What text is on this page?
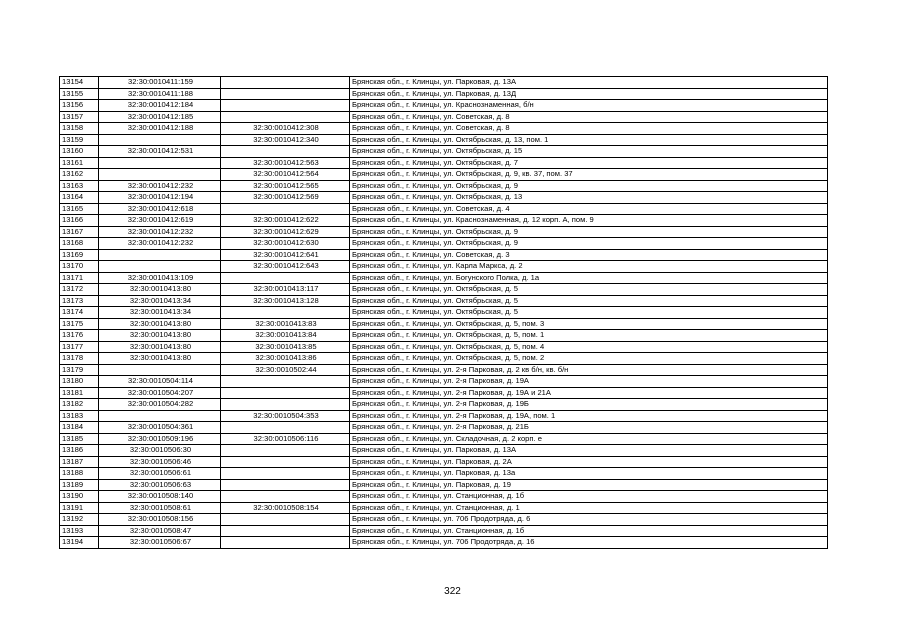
13154	32:30:0010411:159		Брянская обл., г. Клинцы, ул. Парковая, д. 13А
13155	32:30:0010411:188		Брянская обл., г. Клинцы, ул. Парковая, д. 13Д
13156	32:30:0010412:184		Брянская обл., г. Клинцы, ул. Краснознаменная, б/н
13157	32:30:0010412:185		Брянская обл., г. Клинцы, ул. Советская, д. 8
13158	32:30:0010412:188	32:30:0010412:308	Брянская обл., г. Клинцы, ул. Советская, д. 8
13159		32:30:0010412:340	Брянская обл., г. Клинцы, ул. Октябрьская, д. 13, пом. 1
13160	32:30:0010412:531		Брянская обл., г. Клинцы, ул. Октябрьская, д. 15
13161		32:30:0010412:563	Брянская обл., г. Клинцы, ул. Октябрьская, д. 7
13162		32:30:0010412:564	Брянская обл., г. Клинцы, ул. Октябрьская, д. 9, кв. 37, пом. 37
13163	32:30:0010412:232	32:30:0010412:565	Брянская обл., г. Клинцы, ул. Октябрьская, д. 9
13164	32:30:0010412:194	32:30:0010412:569	Брянская обл., г. Клинцы, ул. Октябрьская, д. 13
13165	32:30:0010412:618		Брянская обл., г. Клинцы, ул. Советская, д. 4
13166	32:30:0010412:619	32:30:0010412:622	Брянская обл., г. Клинцы, ул. Краснознаменная, д. 12 корп. А, пом. 9
13167	32:30:0010412:232	32:30:0010412:629	Брянская обл., г. Клинцы, ул. Октябрьская, д. 9
13168	32:30:0010412:232	32:30:0010412:630	Брянская обл., г. Клинцы, ул. Октябрьская, д. 9
13169		32:30:0010412:641	Брянская обл., г. Клинцы, ул. Советская, д. 3
13170		32:30:0010412:643	Брянская обл., г. Клинцы, ул. Карла Маркса, д. 2
13171	32:30:0010413:109		Брянская обл., г. Клинцы, ул. Богунского Полка, д. 1а
13172	32:30:0010413:80	32:30:0010413:117	Брянская обл., г. Клинцы, ул. Октябрьская, д. 5
13173	32:30:0010413:34	32:30:0010413:128	Брянская обл., г. Клинцы, ул. Октябрьская, д. 5
13174	32:30:0010413:34		Брянская обл., г. Клинцы, ул. Октябрьская, д. 5
13175	32:30:0010413:80	32:30:0010413:83	Брянская обл., г. Клинцы, ул. Октябрьская, д. 5, пом. 3
13176	32:30:0010413:80	32:30:0010413:84	Брянская обл., г. Клинцы, ул. Октябрьская, д. 5, пом. 1
13177	32:30:0010413:80	32:30:0010413:85	Брянская обл., г. Клинцы, ул. Октябрьская, д. 5, пом. 4
13178	32:30:0010413:80	32:30:0010413:86	Брянская обл., г. Клинцы, ул. Октябрьская, д. 5, пом. 2
13179		32:30:0010502:44	Брянская обл., г. Клинцы, ул. 2-я Парковая, д. 2 кв б/н, кв. б/н
13180	32:30:0010504:114		Брянская обл., г. Клинцы, ул. 2-я Парковая, д. 19А
13181	32:30:0010504:207		Брянская обл., г. Клинцы, ул. 2-я Парковая, д. 19А и 21А
13182	32:30:0010504:282		Брянская обл., г. Клинцы, ул. 2-я Парковая, д. 19Б
13183		32:30:0010504:353	Брянская обл., г. Клинцы, ул. 2-я Парковая, д. 19А, пом. 1
13184	32:30:0010504:361		Брянская обл., г. Клинцы, ул. 2-я Парковая, д. 21Б
13185	32:30:0010509:196	32:30:0010506:116	Брянская обл., г. Клинцы, ул. Складочная, д. 2 корп. е
13186	32:30:0010506:30		Брянская обл., г. Клинцы, ул. Парковая, д. 13А
13187	32:30:0010506:46		Брянская обл., г. Клинцы, ул. Парковая, д. 2А
13188	32:30:0010506:61		Брянская обл., г. Клинцы, ул. Парковая, д. 13а
13189	32:30:0010506:63		Брянская обл., г. Клинцы, ул. Парковая, д. 19
13190	32:30:0010508:140		Брянская обл., г. Клинцы, ул. Станционная, д. 1б
13191	32:30:0010508:61	32:30:0010508:154	Брянская обл., г. Клинцы, ул. Станционная, д. 1
13192	32:30:0010508:156		Брянская обл., г. Клинцы, ул. 706 Продотряда, д. 6
13193	32:30:0010508:47		Брянская обл., г. Клинцы, ул. Станционная, д. 1б
13194	32:30:0010506:67		Брянская обл., г. Клинцы, ул. 706 Продотряда, д. 16
322
